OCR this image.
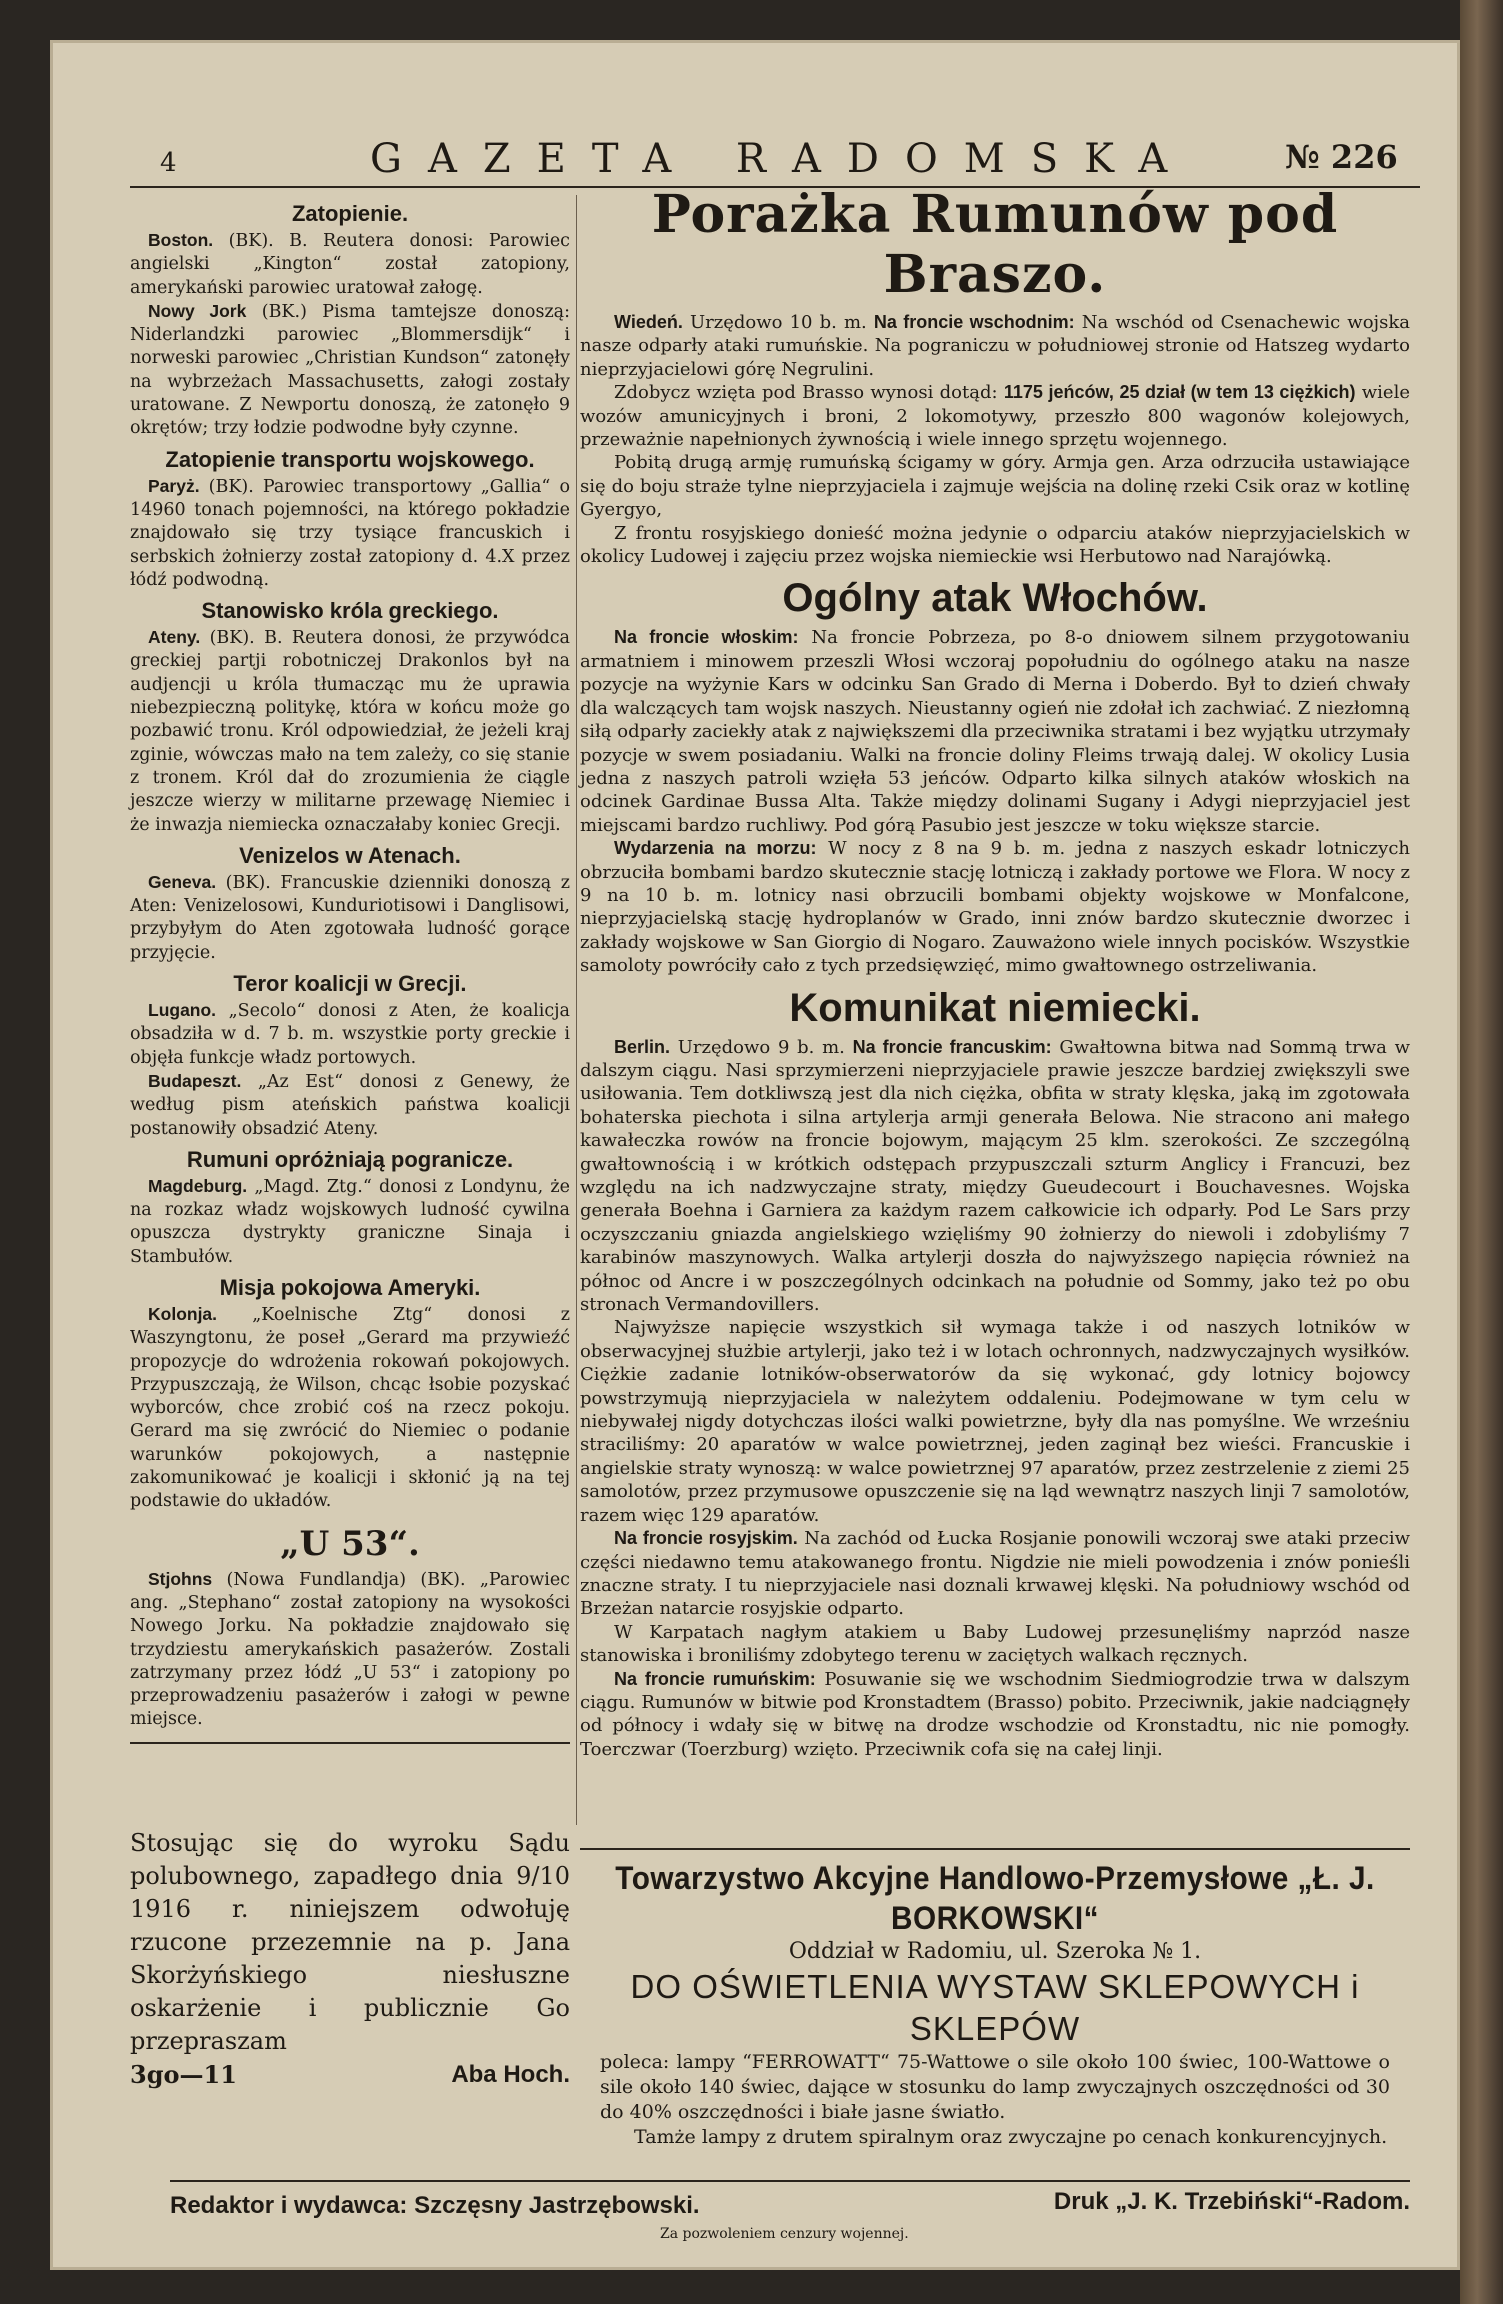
4	GAZETA RADOMSKA	№ 226
Zatopienie.

Boston. (BK). B. Reutera donosi: Parowiec angielski „Kington“ został zatopiony, amerykański parowiec uratował załogę.

Nowy Jork (BK.) Pisma tamtejsze donoszą: Niderlandzki parowiec „Blommersdijk“ i norweski parowiec „Christian Kundson“ zatonęły na wybrzeżach Massachusetts, załogi zostały uratowane. Z Newportu donoszą, że zatonęło 9 okrętów; trzy łodzie podwodne były czynne.

Zatopienie transportu wojskowego.

Paryż. (BK). Parowiec transportowy „Gallia“ o 14960 tonach pojemności, na którego pokładzie znajdowało się trzy tysiące francuskich i serbskich żołnierzy został zatopiony d. 4.X przez łódź podwodną.

Stanowisko króla greckiego.

Ateny. (BK). B. Reutera donosi, że przywódca greckiej partji robotniczej Drakonlos był na audjencji u króla tłumacząc mu że uprawia niebezpieczną politykę, która w końcu może go pozbawić tronu. Król odpowiedział, że jeżeli kraj zginie, wówczas mało na tem zależy, co się stanie z tronem. Król dał do zrozumienia że ciągle jeszcze wierzy w militarne przewagę Niemiec i że inwazja niemiecka oznaczałaby koniec Grecji.

Venizelos w Atenach.

Geneva. (BK). Francuskie dzienniki donoszą z Aten: Venizelosowi, Kunduriotisowi i Danglisowi, przybyłym do Aten zgotowała ludność gorące przyjęcie.

Teror koalicji w Grecji.

Lugano. „Secolo“ donosi z Aten, że koalicja obsadziła w d. 7 b. m. wszystkie porty greckie i objęła funkcje władz portowych.

Budapeszt. „Az Est“ donosi z Genewy, że według pism ateńskich państwa koalicji postanowiły obsadzić Ateny.

Rumuni opróżniają pogranicze.

Magdeburg. „Magd. Ztg.“ donosi z Londynu, że na rozkaz władz wojskowych ludność cywilna opuszcza dystrykty graniczne Sinaja i Stambułów.

Misja pokojowa Ameryki.

Kolonja. „Koelnische Ztg“ donosi z Waszyngtonu, że poseł „Gerard ma przywieźć propozycje do wdrożenia rokowań pokojowych. Przypuszczają, że Wilson, chcąc łsobie pozyskać wyborców, chce zrobić coś na rzecz pokoju. Gerard ma się zwrócić do Niemiec o podanie warunków pokojowych, a następnie zakomunikować je koalicji i skłonić ją na tej podstawie do układów.

„U 53“.

Stjohns (Nowa Fundlandja) (BK). „Parowiec ang. „Stephano“ został zatopiony na wysokości Nowego Jorku. Na pokładzie znajdowało się trzydziestu amerykańskich pasażerów. Zostali zatrzymany przez łódź „U 53“ i zatopiony po przeprowadzeniu pasażerów i załogi w pewne miejsce.

Stosując się do wyroku Sądu polubownego, zapadłego dnia 9/10 1916 r. niniejszem odwołuję rzucone przezemnie na p. Jana Skorżyńskiego niesłuszne oskarżenie i publicznie Go przepraszam

3go—11	Aba Hoch.
Porażka Rumunów pod Braszo.

Wiedeń. Urzędowo 10 b. m. Na froncie wschodnim: Na wschód od Csenachewic wojska nasze odparły ataki rumuńskie. Na pograniczu w południowej stronie od Hatszeg wydarto nieprzyjacielowi górę Negrulini.

Zdobycz wzięta pod Brasso wynosi dotąd: 1175 jeńców, 25 dział (w tem 13 ciężkich) wiele wozów amunicyjnych i broni, 2 lokomotywy, przeszło 800 wagonów kolejowych, przeważnie napełnionych żywnością i wiele innego sprzętu wojennego.

Pobitą drugą armję rumuńską ścigamy w góry. Armja gen. Arza odrzuciła ustawiające się do boju straże tylne nieprzyjaciela i zajmuje wejścia na dolinę rzeki Csik oraz w kotlinę Gyergyo,

Z frontu rosyjskiego donieść można jedynie o odparciu ataków nieprzyjacielskich w okolicy Ludowej i zajęciu przez wojska niemieckie wsi Herbutowo nad Narajówką.

Ogólny atak Włochów.

Na froncie włoskim: Na froncie Pobrzeza, po 8-o dniowem silnem przygotowaniu armatniem i minowem przeszli Włosi wczoraj popołudniu do ogólnego ataku na nasze pozycje na wyżynie Kars w odcinku San Grado di Merna i Doberdo. Był to dzień chwały dla walczących tam wojsk naszych. Nieustanny ogień nie zdołał ich zachwiać. Z niezłomną siłą odparły zaciekły atak z największemi dla przeciwnika stratami i bez wyjątku utrzymały pozycje w swem posiadaniu. Walki na froncie doliny Fleims trwają dalej. W okolicy Lusia jedna z naszych patroli wzięła 53 jeńców. Odparto kilka silnych ataków włoskich na odcinek Gardinae Bussa Alta. Także między dolinami Sugany i Adygi nieprzyjaciel jest miejscami bardzo ruchliwy. Pod górą Pasubio jest jeszcze w toku większe starcie.

Wydarzenia na morzu: W nocy z 8 na 9 b. m. jedna z naszych eskadr lotniczych obrzuciła bombami bardzo skutecznie stację lotniczą i zakłady portowe we Flora. W nocy z 9 na 10 b. m. lotnicy nasi obrzucili bombami objekty wojskowe w Monfalcone, nieprzyjacielską stację hydroplanów w Grado, inni znów bardzo skutecznie dworzec i zakłady wojskowe w San Giorgio di Nogaro. Zauważono wiele innych pocisków. Wszystkie samoloty powróciły cało z tych przedsięwzięć, mimo gwałtownego ostrzeliwania.

Komunikat niemiecki.

Berlin. Urzędowo 9 b. m. Na froncie francuskim: Gwałtowna bitwa nad Sommą trwa w dalszym ciągu. Nasi sprzymierzeni nieprzyjaciele prawie jeszcze bardziej zwiększyli swe usiłowania. Tem dotkliwszą jest dla nich ciężka, obfita w straty klęska, jaką im zgotowała bohaterska piechota i silna artylerja armji generała Belowa. Nie stracono ani małego kawałeczka rowów na froncie bojowym, mającym 25 klm. szerokości. Ze szczególną gwałtownością i w krótkich odstępach przypuszczali szturm Anglicy i Francuzi, bez względu na ich nadzwyczajne straty, między Gueudecourt i Bouchavesnes. Wojska generała Boehna i Garniera za każdym razem całkowicie ich odparły. Pod Le Sars przy oczyszczaniu gniazda angielskiego wzięliśmy 90 żołnierzy do niewoli i zdobyliśmy 7 karabinów maszynowych. Walka artylerji doszła do najwyższego napięcia również na północ od Ancre i w poszczególnych odcinkach na południe od Sommy, jako też po obu stronach Vermandovillers.

Najwyższe napięcie wszystkich sił wymaga także i od naszych lotników w obserwacyjnej służbie artylerji, jako też i w lotach ochronnych, nadzwyczajnych wysiłków. Ciężkie zadanie lotników-obserwatorów da się wykonać, gdy lotnicy bojowcy powstrzymują nieprzyjaciela w należytem oddaleniu. Podejmowane w tym celu w niebywałej nigdy dotychczas ilości walki powietrzne, były dla nas pomyślne. We wrześniu straciliśmy: 20 aparatów w walce powietrznej, jeden zaginął bez wieści. Francuskie i angielskie straty wynoszą: w walce powietrznej 97 aparatów, przez zestrzelenie z ziemi 25 samolotów, przez przymusowe opuszczenie się na ląd wewnątrz naszych linji 7 samolotów, razem więc 129 aparatów.

Na froncie rosyjskim. Na zachód od Łucka Rosjanie ponowili wczoraj swe ataki przeciw części niedawno temu atakowanego frontu. Nigdzie nie mieli powodzenia i znów ponieśli znaczne straty. I tu nieprzyjaciele nasi doznali krwawej klęski. Na południowy wschód od Brzeżan natarcie rosyjskie odparto.

W Karpatach nagłym atakiem u Baby Ludowej przesunęliśmy naprzód nasze stanowiska i broniliśmy zdobytego terenu w zaciętych walkach ręcznych.

Na froncie rumuńskim: Posuwanie się we wschodnim Siedmiogrodzie trwa w dalszym ciągu. Rumunów w bitwie pod Kronstadtem (Brasso) pobito. Przeciwnik, jakie nadciągnęły od północy i wdały się w bitwę na drodze wschodzie od Kronstadtu, nic nie pomogły. Toerczwar (Toerzburg) wzięto. Przeciwnik cofa się na całej linji.

Towarzystwo Akcyjne Handlowo-Przemysłowe „Ł. J. BORKOWSKI“
Oddział w Radomiu, ul. Szeroka № 1.
DO OŚWIETLENIA WYSTAW SKLEPOWYCH i SKLEPÓW
poleca: lampy “FERROWATT“ 75-Wattowe o sile około 100 świec, 100-Wattowe o sile około 140 świec, dające w stosunku do lamp zwyczajnych oszczędności od 30 do 40% oszczędności i białe jasne światło.
Tamże lampy z drutem spiralnym oraz zwyczajne po cenach konkurencyjnych.
Redaktor i wydawca: Szczęsny Jastrzębowski.	Druk „J. K. Trzebiński“-Radom.
Za pozwoleniem cenzury wojennej.
